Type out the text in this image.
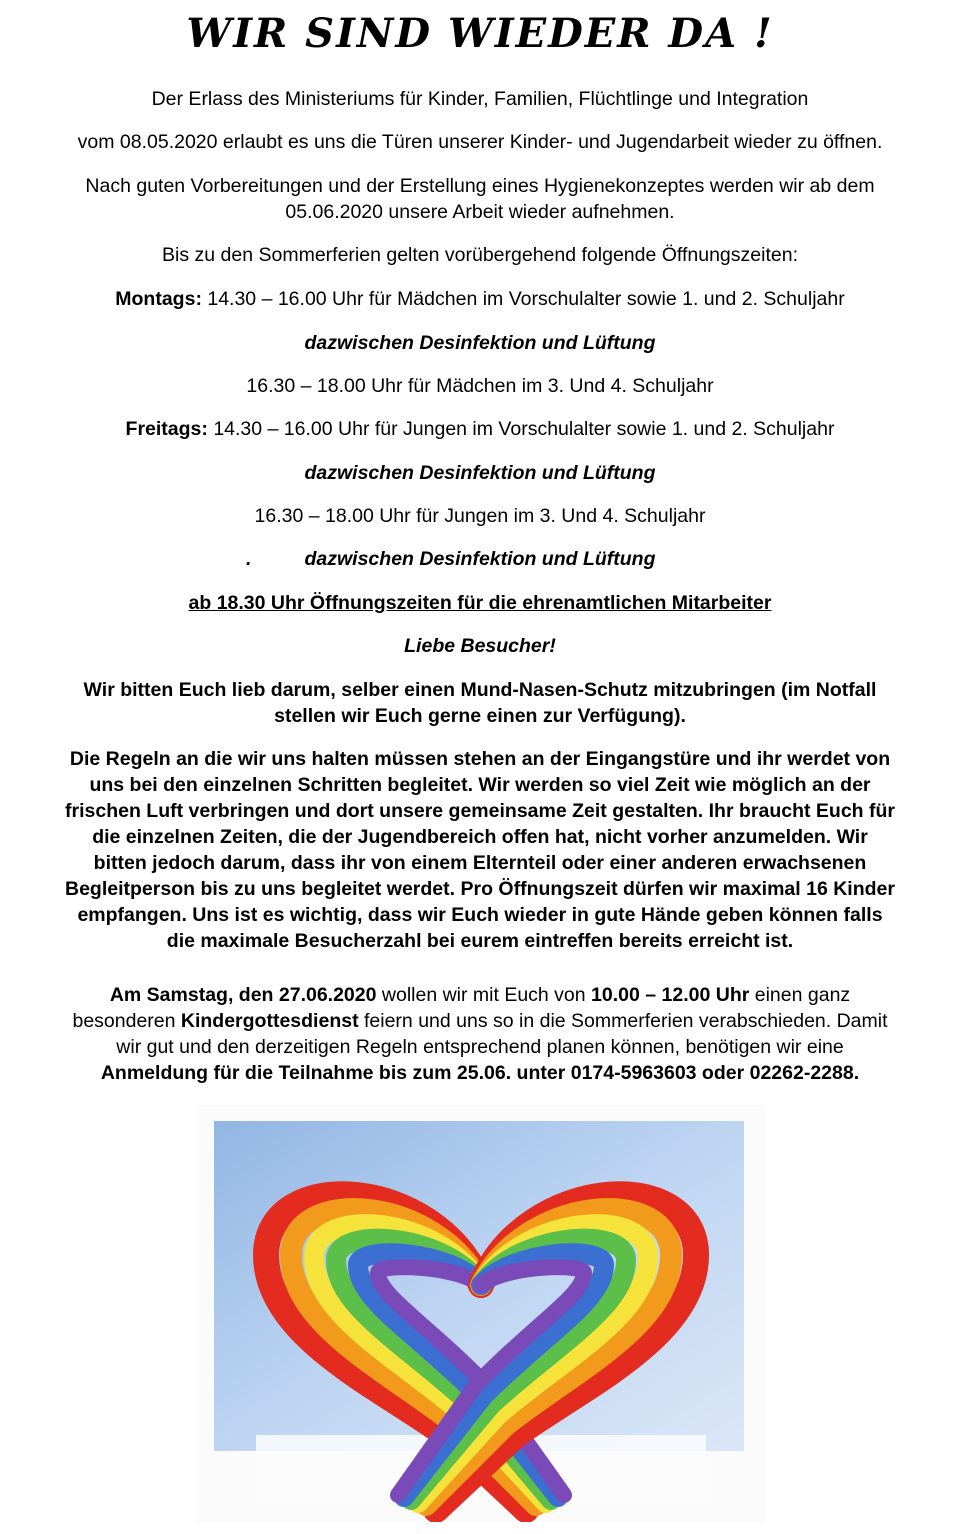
WIR SIND WIEDER DA !
Der Erlass des Ministeriums für Kinder, Familien, Flüchtlinge und Integration
vom 08.05.2020 erlaubt es uns die Türen unserer Kinder- und Jugendarbeit wieder zu öffnen.
Nach guten Vorbereitungen und der Erstellung eines Hygienekonzeptes werden wir ab dem
05.06.2020 unsere Arbeit wieder aufnehmen.
Bis zu den Sommerferien gelten vorübergehend folgende Öffnungszeiten:
Montags: 14.30 – 16.00 Uhr für Mädchen im Vorschulalter sowie 1. und 2. Schuljahr
dazwischen Desinfektion und Lüftung
16.30 – 18.00 Uhr für Mädchen im 3. Und 4. Schuljahr
Freitags: 14.30 – 16.00 Uhr für Jungen im Vorschulalter sowie 1. und 2. Schuljahr
dazwischen Desinfektion und Lüftung
16.30 – 18.00 Uhr für Jungen im 3. Und 4. Schuljahr
.	dazwischen Desinfektion und Lüftung
ab 18.30 Uhr Öffnungszeiten für die ehrenamtlichen Mitarbeiter
Liebe Besucher!
Wir bitten Euch lieb darum, selber einen Mund-Nasen-Schutz mitzubringen (im Notfall
stellen wir Euch gerne einen zur Verfügung).
Die Regeln an die wir uns halten müssen stehen an der Eingangstüre und ihr werdet von
uns bei den einzelnen Schritten begleitet. Wir werden so viel Zeit wie möglich an der
frischen Luft verbringen und dort unsere gemeinsame Zeit gestalten. Ihr braucht Euch für
die einzelnen Zeiten, die der Jugendbereich offen hat, nicht vorher anzumelden. Wir
bitten jedoch darum, dass ihr von einem Elternteil oder einer anderen erwachsenen
Begleitperson bis zu uns begleitet werdet. Pro Öffnungszeit dürfen wir maximal 16 Kinder
empfangen. Uns ist es wichtig, dass wir Euch wieder in gute Hände geben können falls
die maximale Besucherzahl bei eurem eintreffen bereits erreicht ist.
Am Samstag, den 27.06.2020 wollen wir mit Euch von 10.00 – 12.00 Uhr einen ganz
besonderen Kindergottesdienst feiern und uns so in die Sommerferien verabschieden. Damit
wir gut und den derzeitigen Regeln entsprechend planen können, benötigen wir eine
Anmeldung für die Teilnahme bis zum 25.06. unter 0174-5963603 oder 02262-2288.
